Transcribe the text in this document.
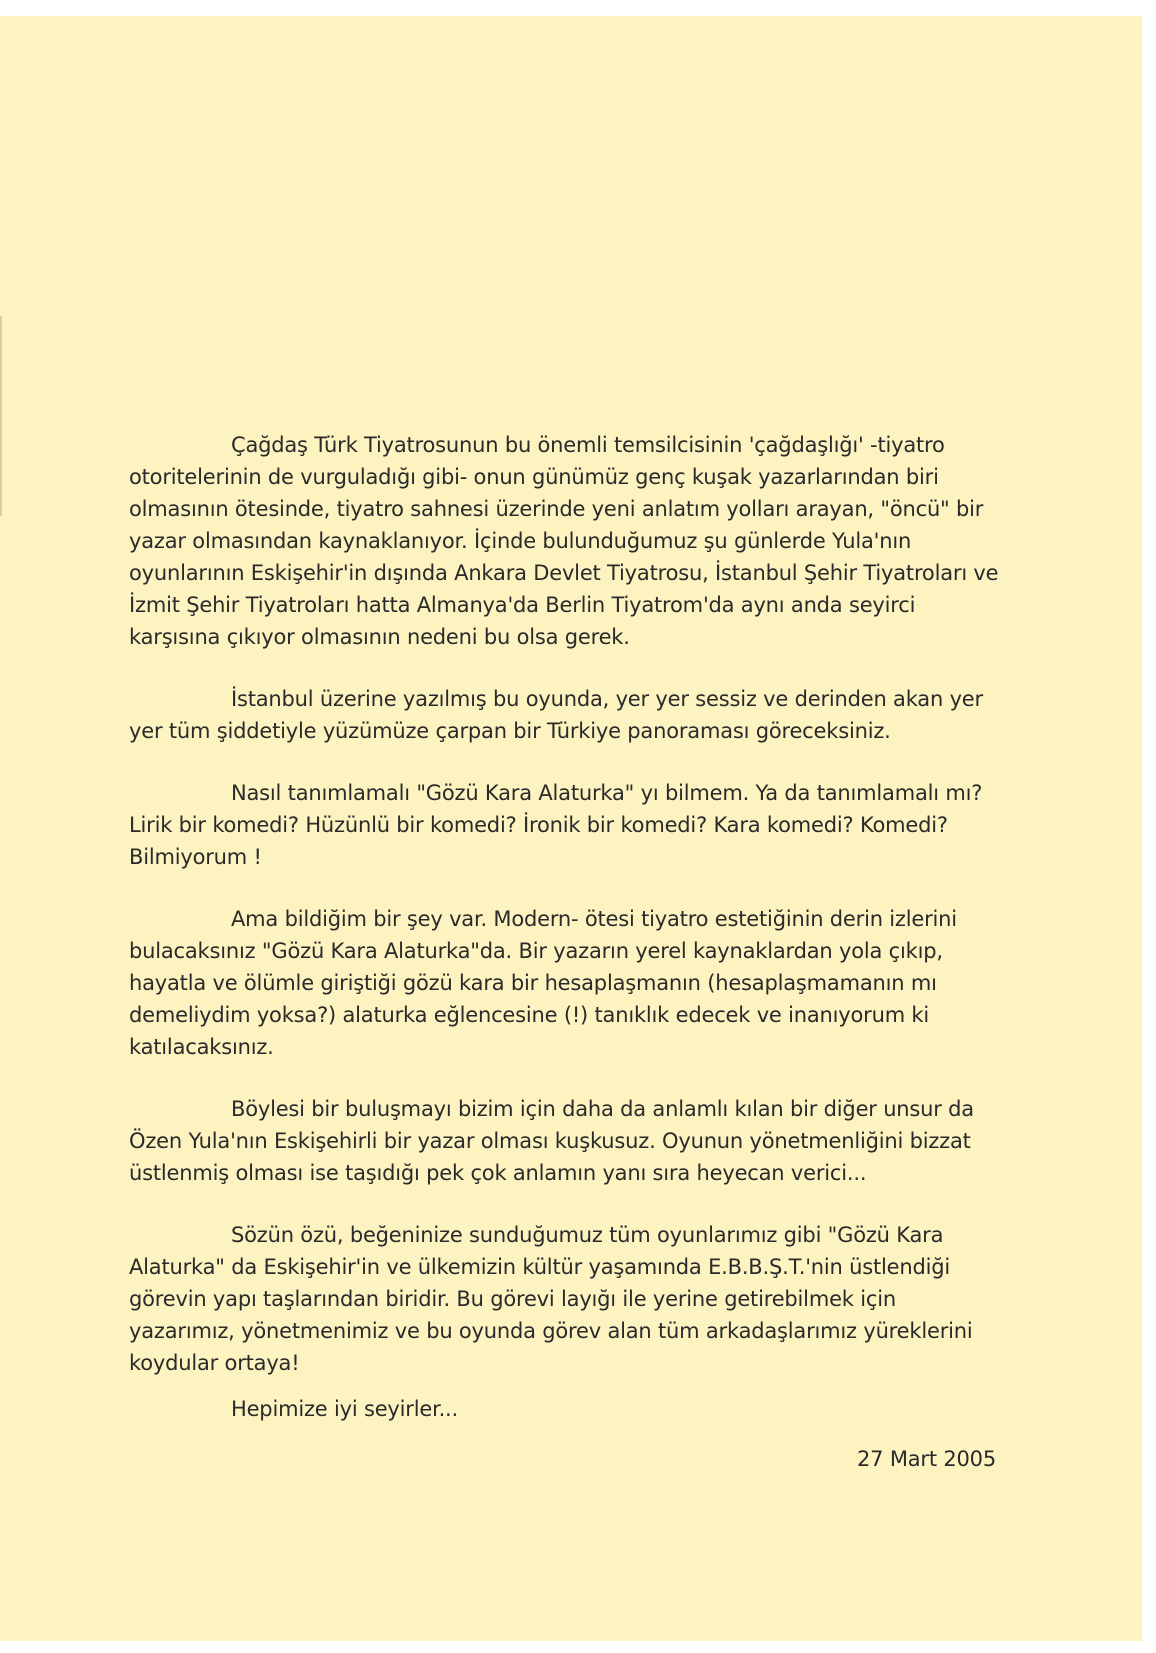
Çağdaş Türk Tiyatrosunun bu önemli temsilcisinin 'çağdaşlığı' -tiyatro otoritelerinin de vurguladığı gibi- onun günümüz genç kuşak yazarlarından biri olmasının ötesinde, tiyatro sahnesi üzerinde yeni anlatım yolları arayan, "öncü" bir yazar olmasından kaynaklanıyor. İçinde bulunduğumuz şu günlerde Yula'nın oyunlarının Eskişehir'in dışında Ankara Devlet Tiyatrosu, İstanbul Şehir Tiyatroları ve İzmit Şehir Tiyatroları hatta Almanya'da Berlin Tiyatrom'da aynı anda seyirci karşısına çıkıyor olmasının nedeni bu olsa gerek.

İstanbul üzerine yazılmış bu oyunda, yer yer sessiz ve derinden akan yer yer tüm şiddetiyle yüzümüze çarpan bir Türkiye panoraması göreceksiniz.

Nasıl tanımlamalı "Gözü Kara Alaturka" yı bilmem. Ya da tanımlamalı mı? Lirik bir komedi? Hüzünlü bir komedi? İronik bir komedi? Kara komedi? Komedi? Bilmiyorum !

Ama bildiğim bir şey var. Modern- ötesi tiyatro estetiğinin derin izlerini bulacaksınız "Gözü Kara Alaturka"da. Bir yazarın yerel kaynaklardan yola çıkıp, hayatla ve ölümle giriştiği gözü kara bir hesaplaşmanın (hesaplaşmamanın mı demeliydim yoksa?) alaturka eğlencesine (!) tanıklık edecek ve inanıyorum ki katılacaksınız.

Böylesi bir buluşmayı bizim için daha da anlamlı kılan bir diğer unsur da Özen Yula'nın Eskişehirli bir yazar olması kuşkusuz. Oyunun yönetmenliğini bizzat üstlenmiş olması ise taşıdığı pek çok anlamın yanı sıra heyecan verici...

Sözün özü, beğeninize sunduğumuz tüm oyunlarımız gibi "Gözü Kara Alaturka" da Eskişehir'in ve ülkemizin kültür yaşamında E.B.B.Ş.T.'nin üstlendiği görevin yapı taşlarından biridir. Bu görevi layığı ile yerine getirebilmek için yazarımız, yönetmenimiz ve bu oyunda görev alan tüm arkadaşlarımız yüreklerini koydular ortaya!

Hepimize iyi seyirler...

27 Mart 2005
